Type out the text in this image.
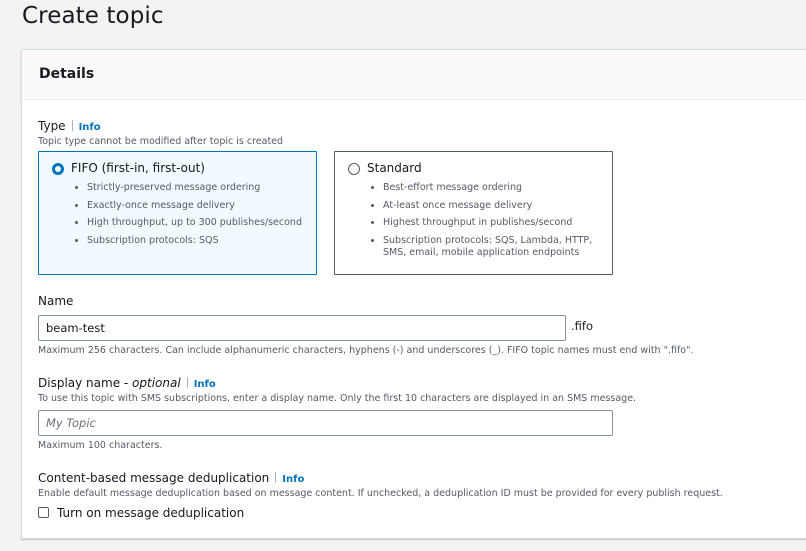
Create topic
Details
Type Info
Topic type cannot be modified after topic is created
FIFO (first-in, first-out)
• Strictly-preserved message ordering
• Exactly-once message delivery
• High throughput, up to 300 publishes/second
• Subscription protocols: SQS
Standard
• Best-effort message ordering
• At-least once message delivery
• Highest throughput in publishes/second
• Subscription protocols: SQS, Lambda, HTTP, SMS, email, mobile application endpoints
Name
beam-test
.fifo
Maximum 256 characters. Can include alphanumeric characters, hyphens (-) and underscores (_). FIFO topic names must end with ".fifo".
Display name - optional Info
To use this topic with SMS subscriptions, enter a display name. Only the first 10 characters are displayed in an SMS message.
My Topic
Maximum 100 characters.
Content-based message deduplication Info
Enable default message deduplication based on message content. If unchecked, a deduplication ID must be provided for every publish request.
Turn on message deduplication
